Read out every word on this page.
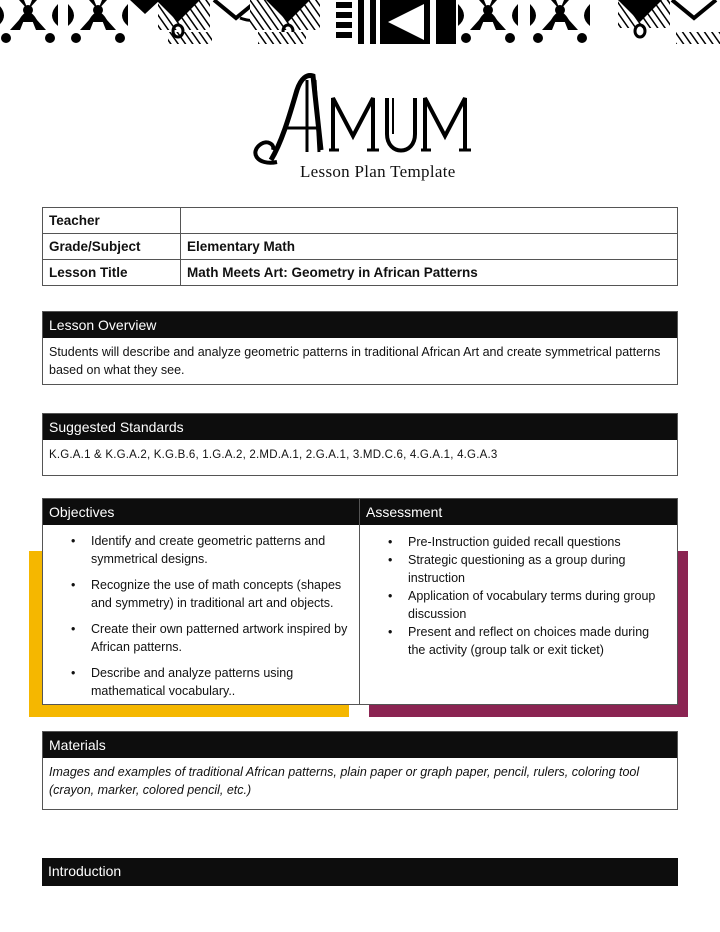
Lesson Plan Template
Teacher	
Grade/Subject	Elementary Math
Lesson Title	Math Meets Art: Geometry in African Patterns
Lesson Overview
Students will describe and analyze geometric patterns in traditional African Art and create symmetrical patterns based on what they see.
Suggested Standards
K.G.A.1 & K.G.A.2, K.G.B.6, 1.G.A.2, 2.MD.A.1, 2.G.A.1, 3.MD.C.6, 4.G.A.1, 4.G.A.3
Objectives
• Identify and create geometric patterns and symmetrical designs.
• Recognize the use of math concepts (shapes and symmetry) in traditional art and objects.
• Create their own patterned artwork inspired by African patterns.
• Describe and analyze patterns using mathematical vocabulary..
Assessment
• Pre-Instruction guided recall questions
• Strategic questioning as a group during instruction
• Application of vocabulary terms during group discussion
• Present and reflect on choices made during the activity (group talk or exit ticket)
Materials
Images and examples of traditional African patterns, plain paper or graph paper, pencil, rulers, coloring tool (crayon, marker, colored pencil, etc.)
Introduction
